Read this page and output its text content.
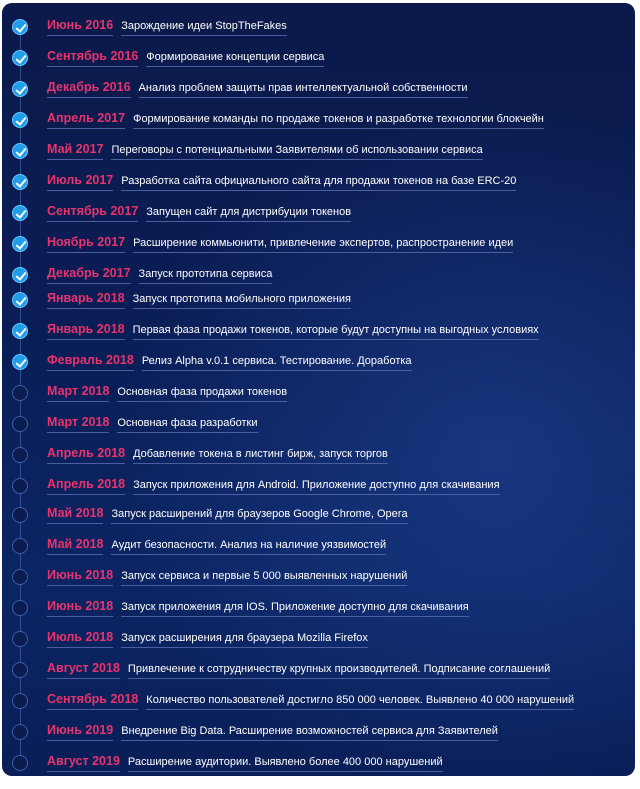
Июнь 2016 Зарождение идеи StopTheFakes
Сентябрь 2016 Формирование концепции сервиса
Декабрь 2016 Анализ проблем защиты прав интеллектуальной собственности
Апрель 2017 Формирование команды по продаже токенов и разработке технологии блокчейн
Май 2017 Переговоры с потенциальными Заявителями об использовании сервиса
Июль 2017 Разработка сайта официального сайта для продажи токенов на базе ERC-20
Сентябрь 2017 Запущен сайт для дистрибуции токенов
Ноябрь 2017 Расширение коммьюнити, привлечение экспертов, распространение идеи
Декабрь 2017 Запуск прототипа сервиса
Январь 2018 Запуск прототипа мобильного приложения
Январь 2018 Первая фаза продажи токенов, которые будут доступны на выгодных условиях
Февраль 2018 Релиз Alpha v.0.1 сервиса. Тестирование. Доработка
Март 2018 Основная фаза продажи токенов
Март 2018 Основная фаза разработки
Апрель 2018 Добавление токена в листинг бирж, запуск торгов
Апрель 2018 Запуск приложения для Android. Приложение доступно для скачивания
Май 2018 Запуск расширений для браузеров Google Chrome, Opera
Май 2018 Аудит безопасности. Анализ на наличие уязвимостей
Июнь 2018 Запуск сервиса и первые 5 000 выявленных нарушений
Июнь 2018 Запуск приложения для IOS. Приложение доступно для скачивания
Июль 2018 Запуск расширения для браузера Mozilla Firefox
Август 2018 Привлечение к сотрудничеству крупных производителей. Подписание соглашений
Сентябрь 2018 Количество пользователей достигло 850 000 человек. Выявлено 40 000 нарушений
Июнь 2019 Внедрение Big Data. Расширение возможностей сервиса для Заявителей
Август 2019 Расширение аудитории. Выявлено более 400 000 нарушений
